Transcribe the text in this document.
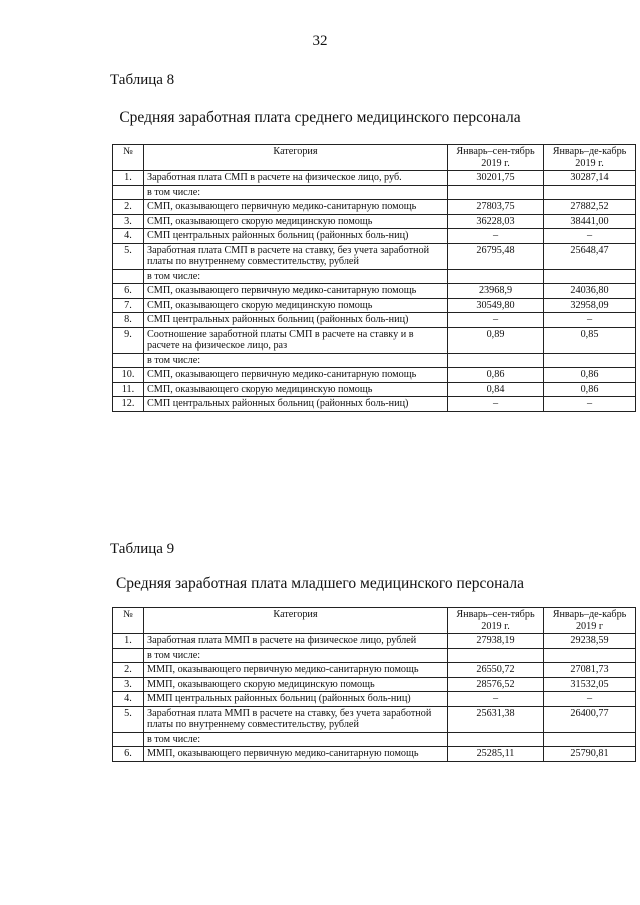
32
Таблица 8
Средняя заработная плата среднего медицинского персонала
№	Категория	Январь–сен-тябрь 2019 г.	Январь–де-кабрь 2019 г.
1.	Заработная плата СМП в расчете на физическое лицо, руб.	30201,75	30287,14
	в том числе:		
2.	СМП, оказывающего первичную медико-санитарную помощь	27803,75	27882,52
3.	СМП, оказывающего скорую медицинскую помощь	36228,03	38441,00
4.	СМП центральных районных больниц (районных боль-ниц)	–	–
5.	Заработная плата СМП в расчете на ставку, без учета заработной платы по внутреннему совместительству, рублей	26795,48	25648,47
	в том числе:		
6.	СМП, оказывающего первичную медико-санитарную помощь	23968,9	24036,80
7.	СМП, оказывающего скорую медицинскую помощь	30549,80	32958,09
8.	СМП центральных районных больниц (районных боль-ниц)	–	–
9.	Соотношение заработной платы СМП в расчете на ставку и в расчете на физическое лицо, раз	0,89	0,85
	в том числе:		
10.	СМП, оказывающего первичную медико-санитарную помощь	0,86	0,86
11.	СМП, оказывающего скорую медицинскую помощь	0,84	0,86
12.	СМП центральных районных больниц (районных боль-ниц)	–	–
Таблица 9
Средняя заработная плата младшего медицинского персонала
№	Категория	Январь–сен-тябрь 2019 г.	Январь–де-кабрь 2019 г
1.	Заработная плата ММП в расчете на физическое лицо, рублей	27938,19	29238,59
	в том числе:		
2.	ММП, оказывающего первичную медико-санитарную помощь	26550,72	27081,73
3.	ММП, оказывающего скорую медицинскую помощь	28576,52	31532,05
4.	ММП центральных районных больниц (районных боль-ниц)	–	–
5.	Заработная плата ММП в расчете на ставку, без учета заработной платы по внутреннему совместительству, рублей	25631,38	26400,77
	в том числе:		
6.	ММП, оказывающего первичную медико-санитарную помощь	25285,11	25790,81
